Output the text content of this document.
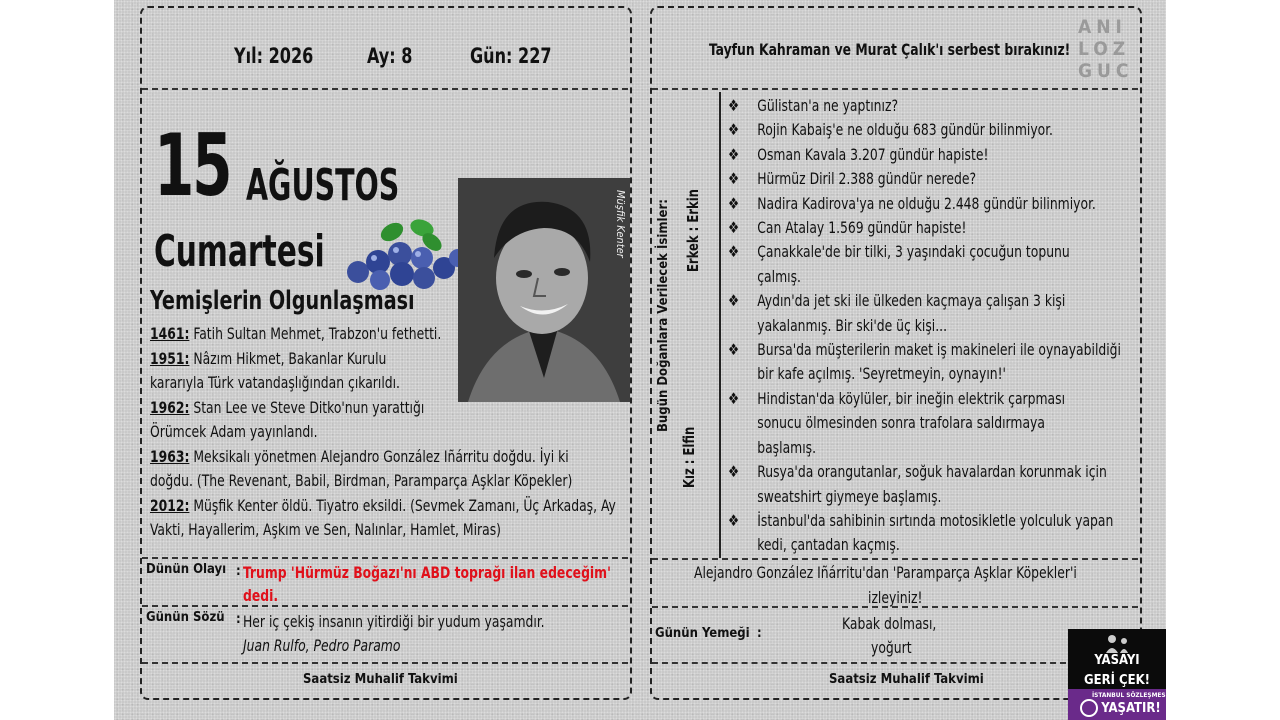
Yıl: 2026	Ay: 8	Gün: 227
15 AĞUSTOS
Cumartesi
Yemişlerin Olgunlaşması
Müşfik Kenter
1461: Fatih Sultan Mehmet, Trabzon'u fethetti.
1951: Nâzım Hikmet, Bakanlar Kurulu kararıyla Türk vatandaşlığından çıkarıldı.
1962: Stan Lee ve Steve Ditko'nun yarattığı Örümcek Adam yayınlandı.
1963: Meksikalı yönetmen Alejandro González Iñárritu doğdu. İyi ki doğdu. (The Revenant, Babil, Birdman, Paramparça Aşklar Köpekler)
2012: Müşfik Kenter öldü. Tiyatro eksildi. (Sevmek Zamanı, Üç Arkadaş, Ay Vakti, Hayallerim, Aşkım ve Sen, Nalınlar, Hamlet, Miras)
Dünün Olayı : Trump 'Hürmüz Boğazı'nı ABD toprağı ilan edeceğim'
dedi.
Günün Sözü : Her iç çekiş insanın yitirdiği bir yudum yaşamdır.
Juan Rulfo, Pedro Paramo
Saatsiz Muhalif Takvimi
Tayfun Kahraman ve Murat Çalık'ı serbest bırakınız!
ANI
LOZ
GUC
Bugün Doğanlara Verilecek İsimler: Erkek : Erkin
Kız : Elfin
❖	Gülistan'a ne yaptınız?
❖	Rojin Kabaiş'e ne olduğu 683 gündür bilinmiyor.
❖	Osman Kavala 3.207 gündür hapiste!
❖	Hürmüz Diril 2.388 gündür nerede?
❖	Nadira Kadirova'ya ne olduğu 2.448 gündür bilinmiyor.
❖	Can Atalay 1.569 gündür hapiste!
❖	Çanakkale'de bir tilki, 3 yaşındaki çocuğun topunu çalmış.
❖	Aydın'da jet ski ile ülkeden kaçmaya çalışan 3 kişi yakalanmış. Bir ski'de üç kişi...
❖	Bursa'da müşterilerin maket iş makineleri ile oynayabildiği bir kafe açılmış. 'Seyretmeyin, oynayın!'
❖	Hindistan'da köylüler, bir ineğin elektrik çarpması sonucu ölmesinden sonra trafolara saldırmaya başlamış.
❖	Rusya'da orangutanlar, soğuk havalardan korunmak için sweatshirt giymeye başlamış.
❖	İstanbul'da sahibinin sırtında motosikletle yolculuk yapan kedi, çantadan kaçmış.
Alejandro González Iñárritu'dan 'Paramparça Aşklar Köpekler'i
izleyiniz!
Günün Yemeği :
Kabak dolması,
yoğurt
Saatsiz Muhalif Takvimi
YASAYI
GERİ ÇEK!
İSTANBUL SÖZLEŞMESİ
YAŞATIR!
